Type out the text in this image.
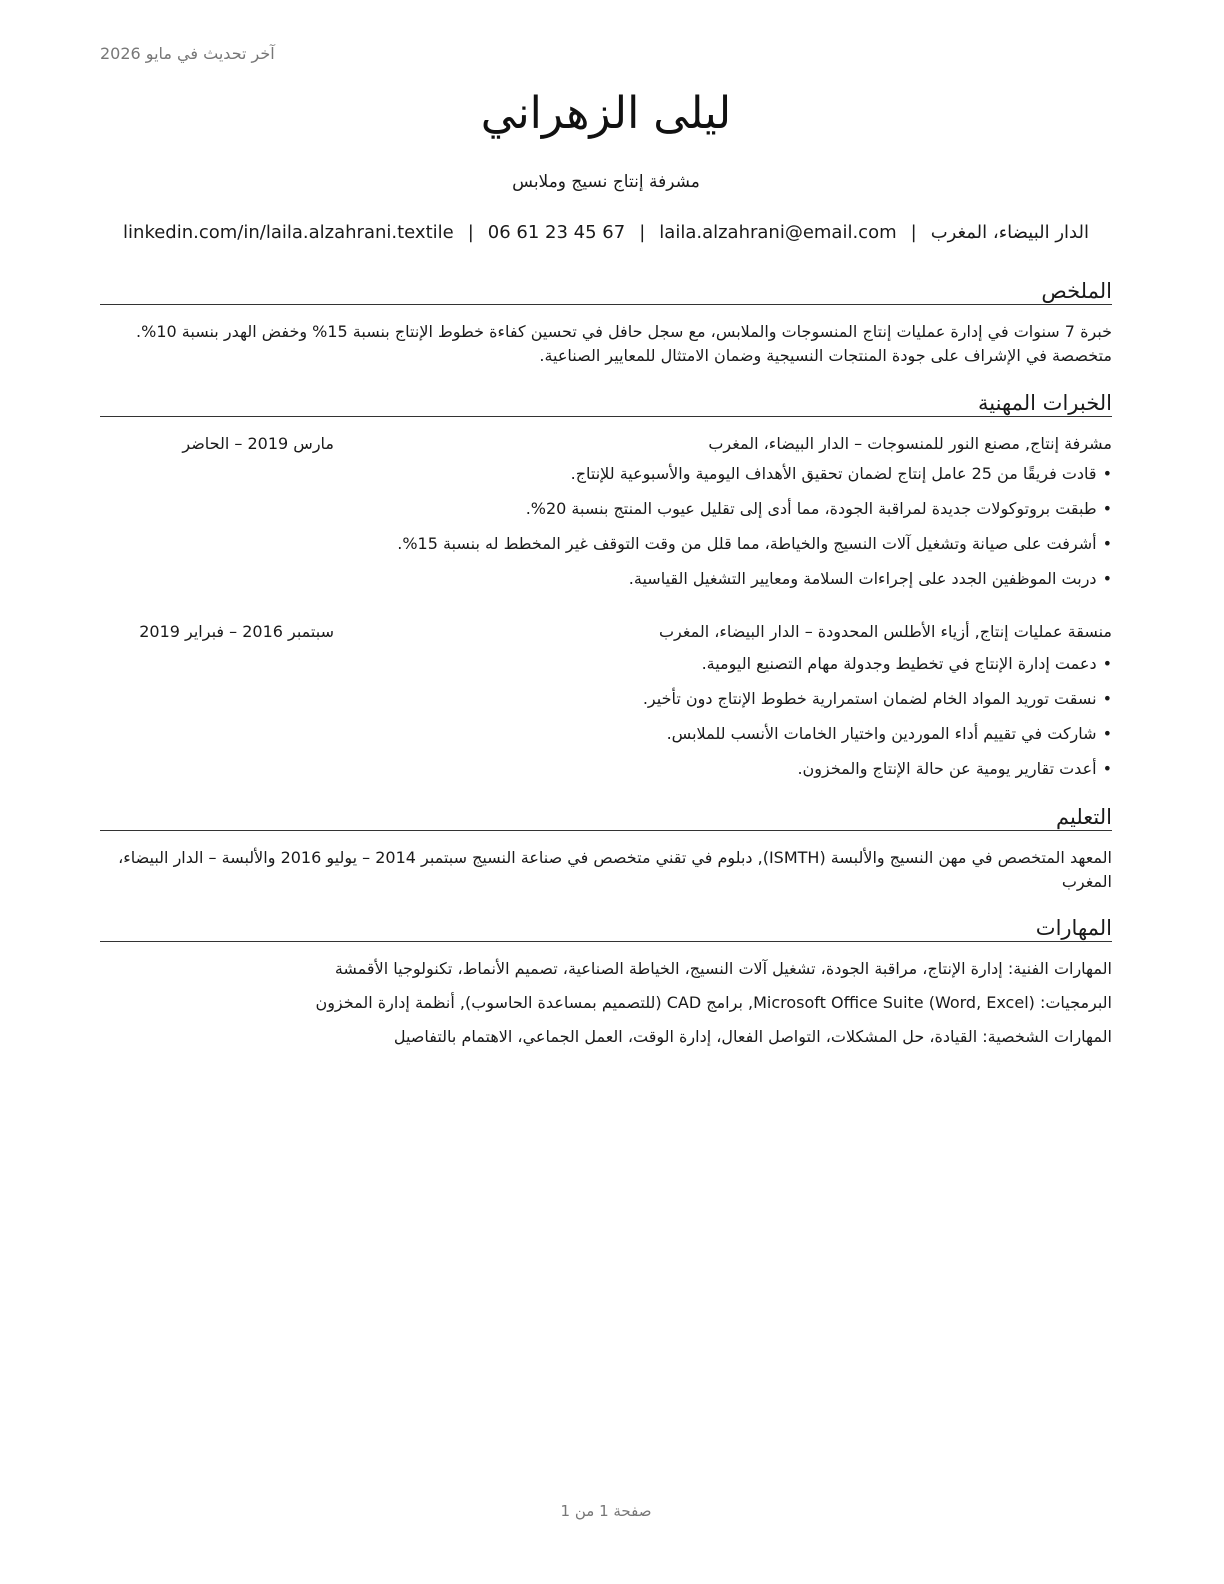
آخر تحديث في مايو 2026
ليلى الزهراني
مشرفة إنتاج نسيج وملابس
الدار البيضاء، المغرب|laila.alzahrani@email.com|06 61 23 45 67|linkedin.com/in/laila.alzahrani.textile
الملخص
خبرة 7 سنوات في إدارة عمليات إنتاج المنسوجات والملابس، مع سجل حافل في تحسين كفاءة خطوط الإنتاج بنسبة 15% وخفض الهدر بنسبة 10%. متخصصة في الإشراف على جودة المنتجات النسيجية وضمان الامتثال للمعايير الصناعية.
الخبرات المهنية
مشرفة إنتاج, مصنع النور للمنسوجات – الدار البيضاء، المغرب
مارس 2019 – الحاضر
• قادت فريقًا من 25 عامل إنتاج لضمان تحقيق الأهداف اليومية والأسبوعية للإنتاج.
• طبقت بروتوكولات جديدة لمراقبة الجودة، مما أدى إلى تقليل عيوب المنتج بنسبة 20%.
• أشرفت على صيانة وتشغيل آلات النسيج والخياطة، مما قلل من وقت التوقف غير المخطط له بنسبة 15%.
• دربت الموظفين الجدد على إجراءات السلامة ومعايير التشغيل القياسية.
منسقة عمليات إنتاج, أزياء الأطلس المحدودة – الدار البيضاء، المغرب
سبتمبر 2016 – فبراير 2019
• دعمت إدارة الإنتاج في تخطيط وجدولة مهام التصنيع اليومية.
• نسقت توريد المواد الخام لضمان استمرارية خطوط الإنتاج دون تأخير.
• شاركت في تقييم أداء الموردين واختيار الخامات الأنسب للملابس.
• أعدت تقارير يومية عن حالة الإنتاج والمخزون.
التعليم
المعهد المتخصص في مهن النسيج والألبسة (ISMTH), دبلوم في تقني متخصص في صناعة النسيج سبتمبر 2014 – يوليو 2016 والألبسة – الدار البيضاء، المغرب
المهارات
المهارات الفنية: إدارة الإنتاج، مراقبة الجودة، تشغيل آلات النسيج، الخياطة الصناعية، تصميم الأنماط، تكنولوجيا الأقمشة
البرمجيات: Microsoft Office Suite (Word, Excel), برامج CAD (للتصميم بمساعدة الحاسوب), أنظمة إدارة المخزون
المهارات الشخصية: القيادة، حل المشكلات، التواصل الفعال، إدارة الوقت، العمل الجماعي، الاهتمام بالتفاصيل
صفحة 1 من 1
